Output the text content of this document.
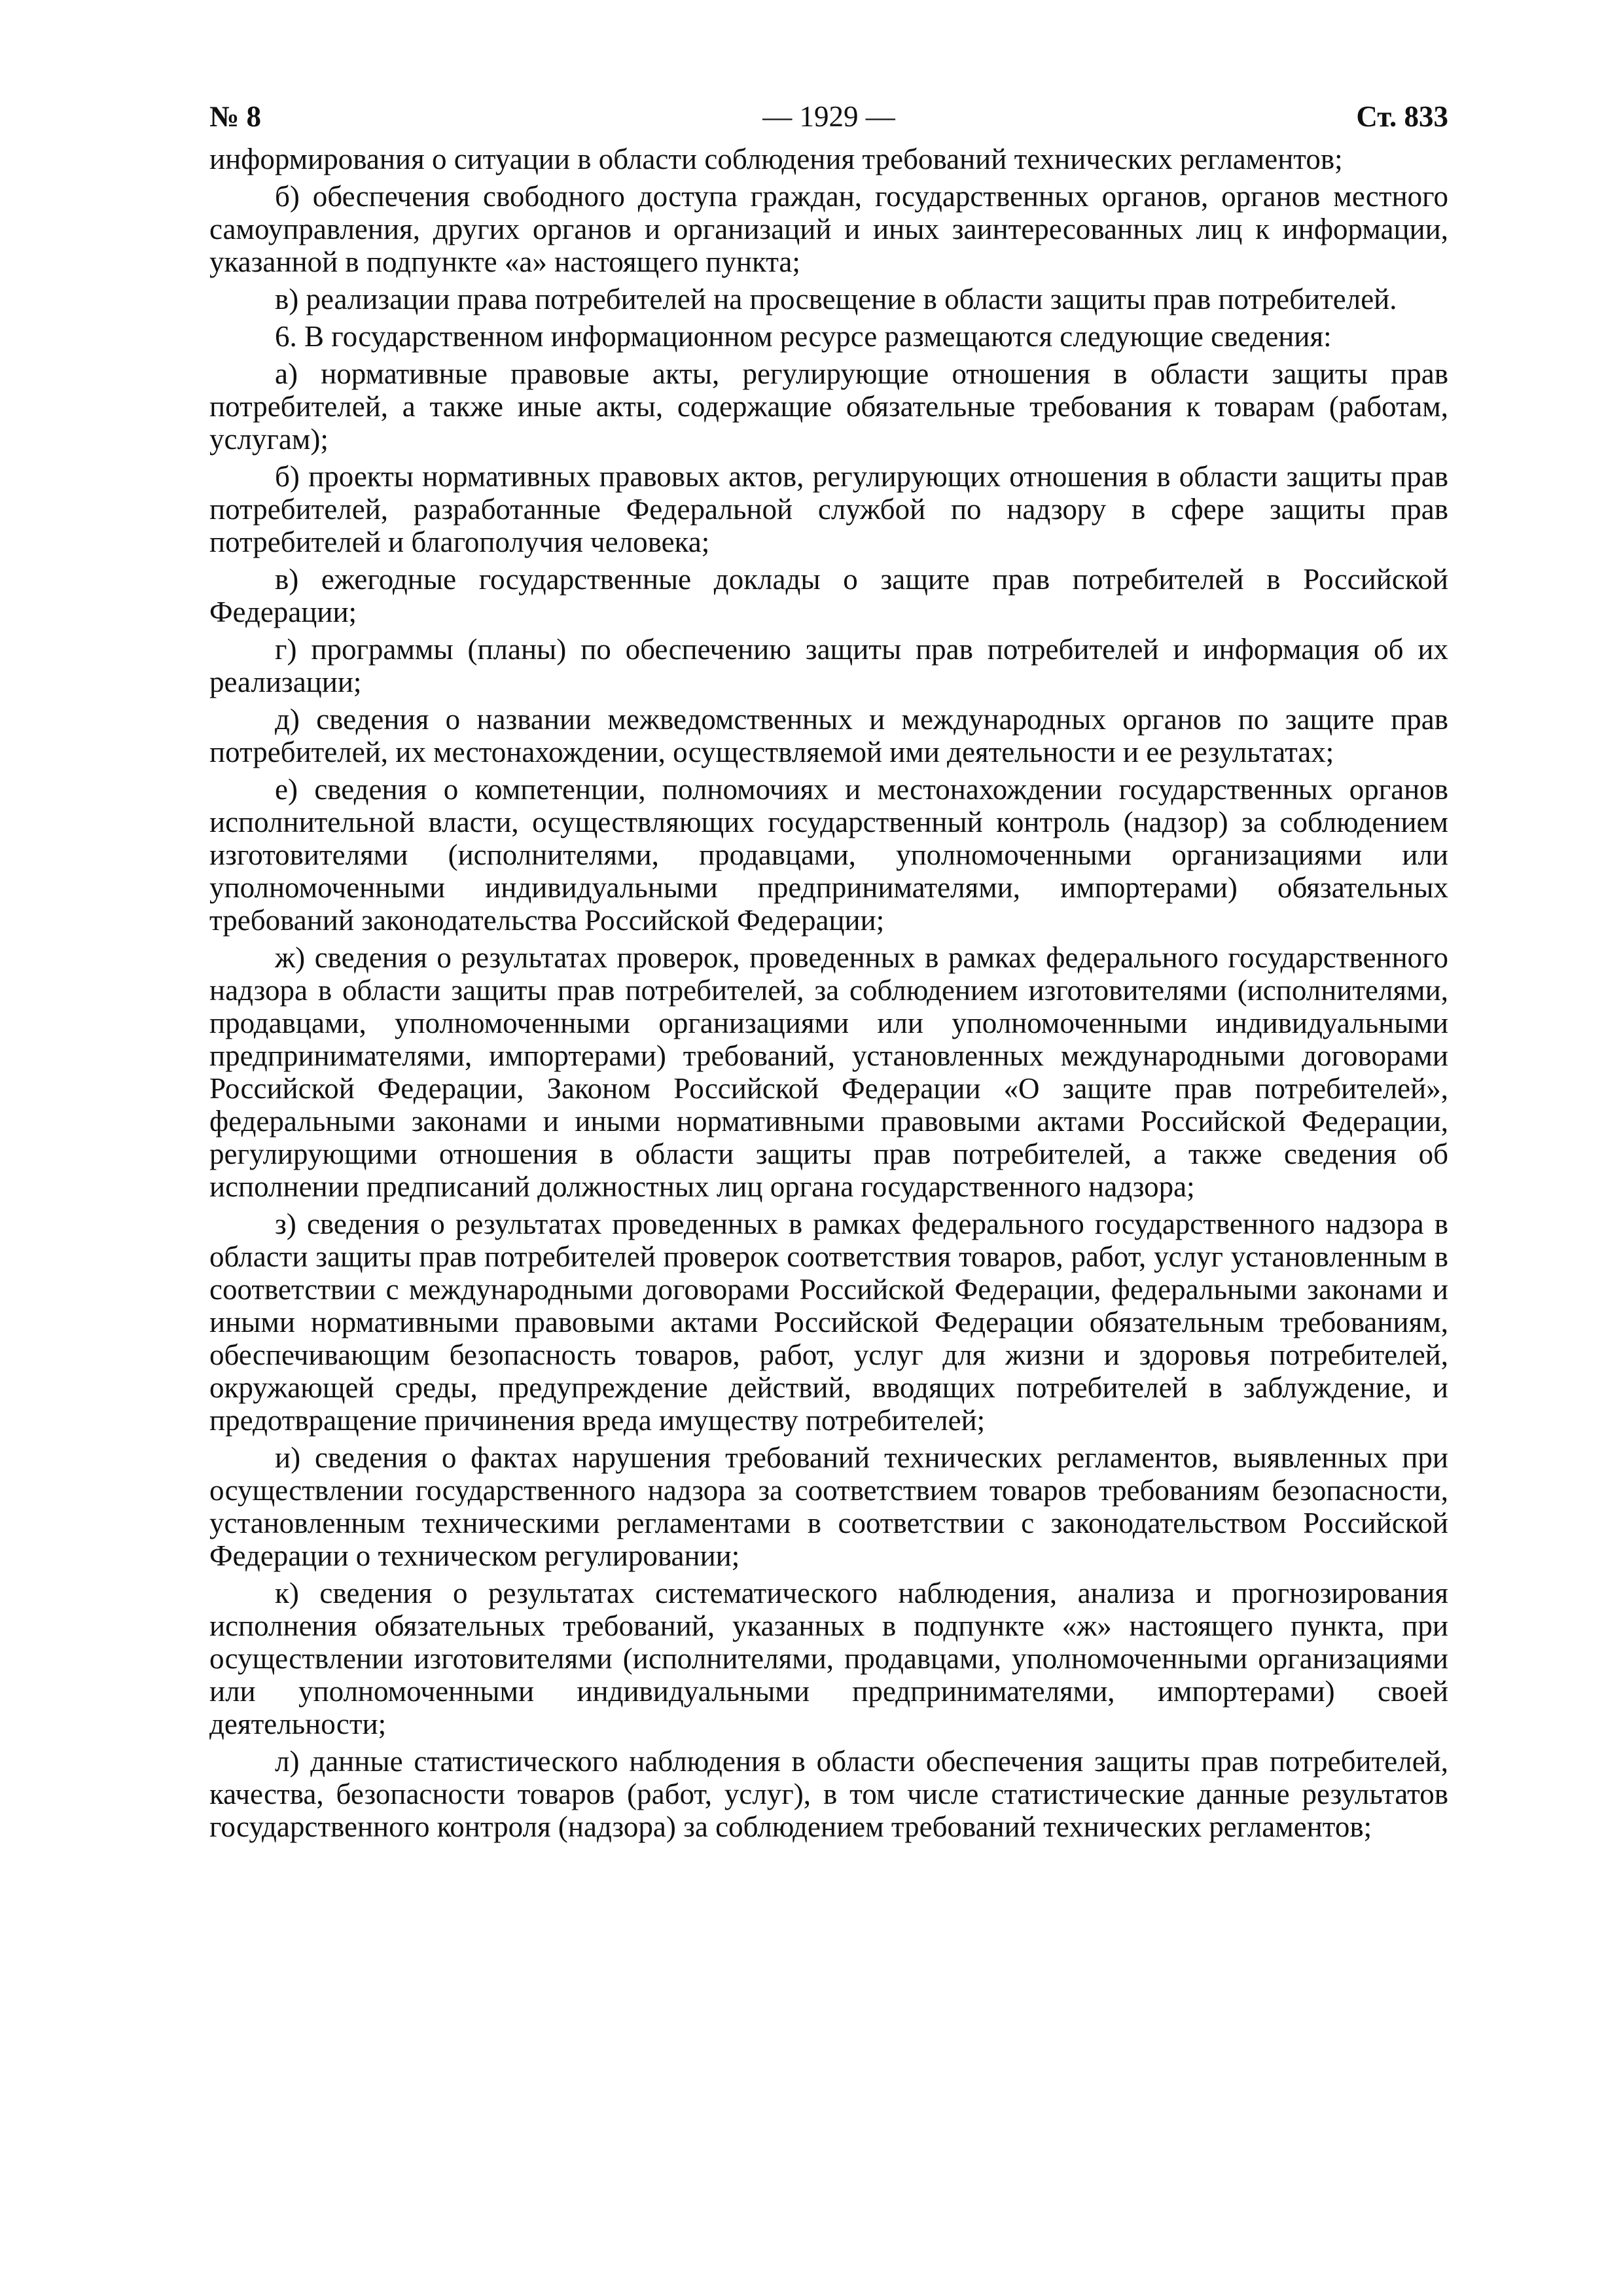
№ 8	— 1929 —	Ст. 833

информирования о ситуации в области соблюдения требований технических регламентов;

б) обеспечения свободного доступа граждан, государственных органов, органов местного самоуправления, других органов и организаций и иных заинтересованных лиц к информации, указанной в подпункте «а» настоящего пункта;

в) реализации права потребителей на просвещение в области защиты прав потребителей.

6. В государственном информационном ресурсе размещаются следующие сведения:

а) нормативные правовые акты, регулирующие отношения в области защиты прав потребителей, а также иные акты, содержащие обязательные требования к товарам (работам, услугам);

б) проекты нормативных правовых актов, регулирующих отношения в области защиты прав потребителей, разработанные Федеральной службой по надзору в сфере защиты прав потребителей и благополучия человека;

в) ежегодные государственные доклады о защите прав потребителей в Российской Федерации;

г) программы (планы) по обеспечению защиты прав потребителей и информация об их реализации;

д) сведения о названии межведомственных и международных органов по защите прав потребителей, их местонахождении, осуществляемой ими деятельности и ее результатах;

е) сведения о компетенции, полномочиях и местонахождении государственных органов исполнительной власти, осуществляющих государственный контроль (надзор) за соблюдением изготовителями (исполнителями, продавцами, уполномоченными организациями или уполномоченными индивидуальными предпринимателями, импортерами) обязательных требований законодательства Российской Федерации;

ж) сведения о результатах проверок, проведенных в рамках федерального государственного надзора в области защиты прав потребителей, за соблюдением изготовителями (исполнителями, продавцами, уполномоченными организациями или уполномоченными индивидуальными предпринимателями, импортерами) требований, установленных международными договорами Российской Федерации, Законом Российской Федерации «О защите прав потребителей», федеральными законами и иными нормативными правовыми актами Российской Федерации, регулирующими отношения в области защиты прав потребителей, а также сведения об исполнении предписаний должностных лиц органа государственного надзора;

з) сведения о результатах проведенных в рамках федерального государственного надзора в области защиты прав потребителей проверок соответствия товаров, работ, услуг установленным в соответствии с международными договорами Российской Федерации, федеральными законами и иными нормативными правовыми актами Российской Федерации обязательным требованиям, обеспечивающим безопасность товаров, работ, услуг для жизни и здоровья потребителей, окружающей среды, предупреждение действий, вводящих потребителей в заблуждение, и предотвращение причинения вреда имуществу потребителей;

и) сведения о фактах нарушения требований технических регламентов, выявленных при осуществлении государственного надзора за соответствием товаров требованиям безопасности, установленным техническими регламентами в соответствии с законодательством Российской Федерации о техническом регулировании;

к) сведения о результатах систематического наблюдения, анализа и прогнозирования исполнения обязательных требований, указанных в подпункте «ж» настоящего пункта, при осуществлении изготовителями (исполнителями, продавцами, уполномоченными организациями или уполномоченными индивидуальными предпринимателями, импортерами) своей деятельности;

л) данные статистического наблюдения в области обеспечения защиты прав потребителей, качества, безопасности товаров (работ, услуг), в том числе статистические данные результатов государственного контроля (надзора) за соблюдением требований технических регламентов;
